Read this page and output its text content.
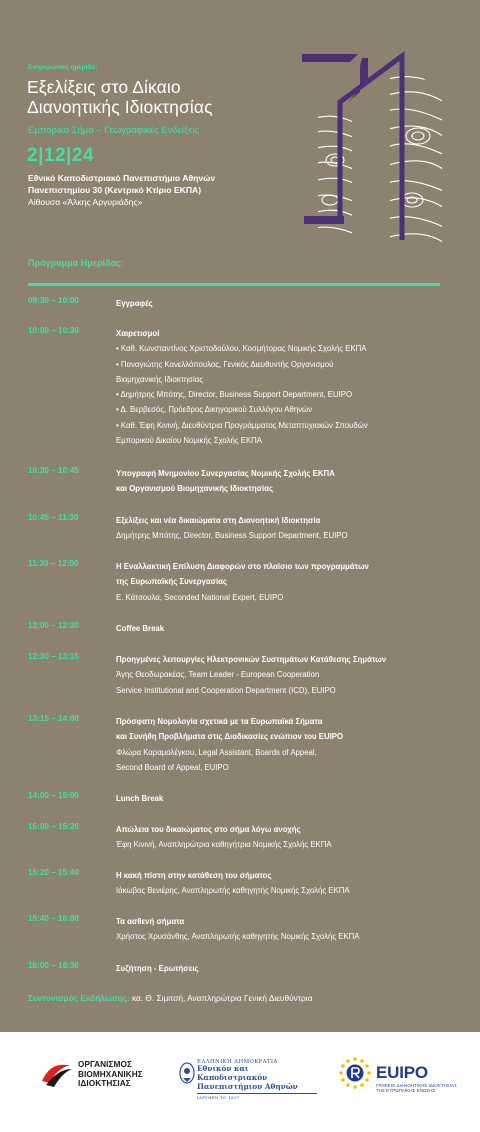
Ενημερωτική ημερίδα:
Εξελίξεις στο Δίκαιο
Διανοητικής Ιδιοκτησίας
Εμπορικό Σήμα – Γεωγραφικές Ενδείξεις
2|12|24
Εθνικό Καποδιστριακό Πανεπιστήμιο Αθηνών
Πανεπιστημίου 30 (Κεντρικό Κτίριο ΕΚΠΑ)
Αίθουσα «Άλκης Αργυριάδης»
Πρόγραμμα Ημερίδας:
09:30 – 10:00	Εγγραφές
10:00 – 10:30	Χαιρετισμοί
• Καθ. Κωνσταντίνος Χριστοδούλου, Κοσμήτορας Νομικής Σχολής ΕΚΠΑ
• Παναγιώτης Κανελλόπουλος, Γενικός Διευθυντής Οργανισμού
Βιομηχανικής Ιδιοκτησίας
• Δημήτρης Μπότης, Director, Business Support Department, EUIPO
• Δ. Βερβεσός, Πρόεδρος Δικηγορικού Συλλόγου Αθηνών
• Καθ. Έφη Κινινή, Διευθύντρια Προγράμματος Μεταπτυχιακών Σπουδών
Εμπορικού Δικαίου Νομικής Σχολής ΕΚΠΑ
10:30 – 10:45	Υπογραφή Μνημονίου Συνεργασίας Νομικής Σχολής ΕΚΠΑ
και Οργανισμού Βιομηχανικής Ιδιοκτησίας
10:45 – 11:30	Εξελίξεις και νέα δικαιώματα στη Διανοητική Ιδιοκτησία
Δημήτρης Μπότης, Director, Business Support Department, EUIPO
11:30 – 12:00	Η Εναλλακτική Επίλυση Διαφορών στο πλαίσιο των προγραμμάτων
της Ευρωπαϊκής Συνεργασίας
Ε. Κάτσουλα, Seconded National Expert, EUIPO
12:00 – 12:30	Coffee Break
12:30 – 13:15	Προηγμένες λειτουργίες Ηλεκτρονικών Συστημάτων Κατάθεσης Σημάτων
Άγης Θεοδωρακέας, Team Leader - European Cooperation
Service Institutional and Cooperation Department (ICD), EUIPO
13:15 – 14:00	Πρόσφατη Νομολογία σχετικά με τα Ευρωπαϊκά Σήματα
και Συνήθη Προβλήματα στις Διαδικασίες ενώπιον του EUIPO
Φλώρα Καραμολέγκου, Legal Assistant, Boards of Appeal,
Second Board of Appeal, EUIPO
14:00 – 15:00	Lunch Break
15:00 – 15:20	Απώλεια του δικαιώματος στο σήμα λόγω ανοχής
Έφη Κινινή, Αναπληρώτρια καθηγήτρια Νομικής Σχολής ΕΚΠΑ
15:20 – 15:40	Η κακή πίστη στην κατάθεση του σήματος
Ιάκωβος Βενιέρης, Αναπληρωτής καθηγητής Νομικής Σχολής ΕΚΠΑ
15:40 – 16:00	Τα ασθενή σήματα
Χρήστος Χρυσάνθης, Αναπληρωτής καθηγητής Νομικής Σχολής ΕΚΠΑ
16:00 – 16:30	Συζήτηση - Ερωτήσεις
Συντονισμός Εκδήλωσης: κα. Θ. Σιμιτσή, Αναπληρώτρια Γενική Διευθύντρια
ΟΡΓΑΝΙΣΜΟΣ
ΒΙΟΜΗΧΑΝΙΚΗΣ
ΙΔΙΟΚΤΗΣΙΑΣ
ΕΛΛΗΝΙΚΗ ΔΗΜΟΚΡΑΤΙΑ
Εθνικόν και Καποδιστριακόν
Πανεπιστήμιον Αθηνών
ΙΔΡΥΘΕΝ ΤΟ 1837
EUIPO
ΓΡΑΦΕΙΟ ΔΙΑΝΟΗΤΙΚΗΣ ΙΔΙΟΚΤΗΣΙΑΣ
ΤΗΣ ΕΥΡΩΠΑΪΚΗΣ ΕΝΩΣΗΣ
